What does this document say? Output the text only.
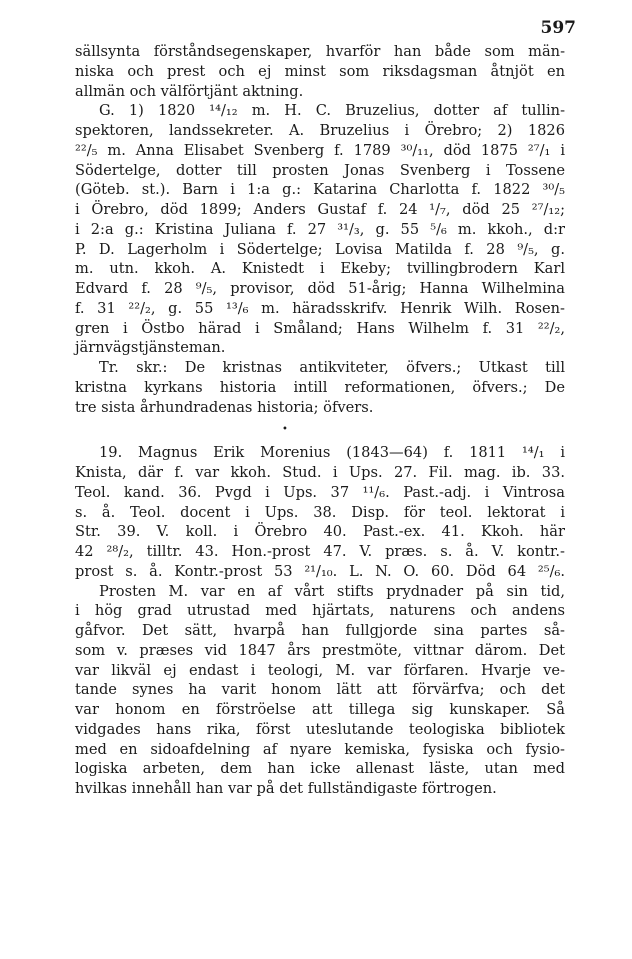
597
sällsynta förståndsegenskaper, hvarför han både som män-
niska och prest och ej minst som riksdagsman åtnjöt en
allmän och välförtjänt aktning.
G. 1) 1820 ¹⁴/₁₂ m. H. C. Bruzelius, dotter af tullin-
spektoren, landssekreter. A. Bruzelius i Örebro; 2) 1826
²²/₅ m. Anna Elisabet Svenberg f. 1789 ³⁰/₁₁, död 1875 ²⁷/₁ i
Södertelge, dotter till prosten Jonas Svenberg i Tossene
(Göteb. st.). Barn i 1:a g.: Katarina Charlotta f. 1822 ³⁰/₅
i Örebro, död 1899; Anders Gustaf f. 24 ¹/₇, död 25 ²⁷/₁₂;
i 2:a g.: Kristina Juliana f. 27 ³¹/₃, g. 55 ⁵/₆ m. kkoh., d:r
P. D. Lagerholm i Södertelge; Lovisa Matilda f. 28 ⁹/₅, g.
m. utn. kkoh. A. Knistedt i Ekeby; tvillingbrodern Karl
Edvard f. 28 ⁹/₅, provisor, död 51-årig; Hanna Wilhelmina
f. 31 ²²/₂, g. 55 ¹³/₆ m. häradsskrifv. Henrik Wilh. Rosen-
gren i Östbo härad i Småland; Hans Wilhelm f. 31 ²²/₂,
järnvägstjänsteman.
Tr. skr.: De kristnas antikviteter, öfvers.; Utkast till
kristna kyrkans historia intill reformationen, öfvers.; De
tre sista århundradenas historia; öfvers.
•
19. Magnus Erik Morenius (1843—64) f. 1811 ¹⁴/₁ i
Knista, där f. var kkoh. Stud. i Ups. 27. Fil. mag. ib. 33.
Teol. kand. 36. Pvgd i Ups. 37 ¹¹/₆. Past.-adj. i Vintrosa
s. å. Teol. docent i Ups. 38. Disp. för teol. lektorat i
Str. 39. V. koll. i Örebro 40. Past.-ex. 41. Kkoh. här
42 ²⁸/₂, tilltr. 43. Hon.-prost 47. V. præs. s. å. V. kontr.-
prost s. å. Kontr.-prost 53 ²¹/₁₀. L. N. O. 60. Död 64 ²⁵/₆.
Prosten M. var en af vårt stifts prydnader på sin tid,
i hög grad utrustad med hjärtats, naturens och andens
gåfvor. Det sätt, hvarpå han fullgjorde sina partes så-
som v. præses vid 1847 års prestmöte, vittnar därom. Det
var likväl ej endast i teologi, M. var förfaren. Hvarje ve-
tande synes ha varit honom lätt att förvärfva; och det
var honom en förströelse att tillega sig kunskaper. Så
vidgades hans rika, först uteslutande teologiska bibliotek
med en sidoafdelning af nyare kemiska, fysiska och fysio-
logiska arbeten, dem han icke allenast läste, utan med
hvilkas innehåll han var på det fullständigaste förtrogen.
